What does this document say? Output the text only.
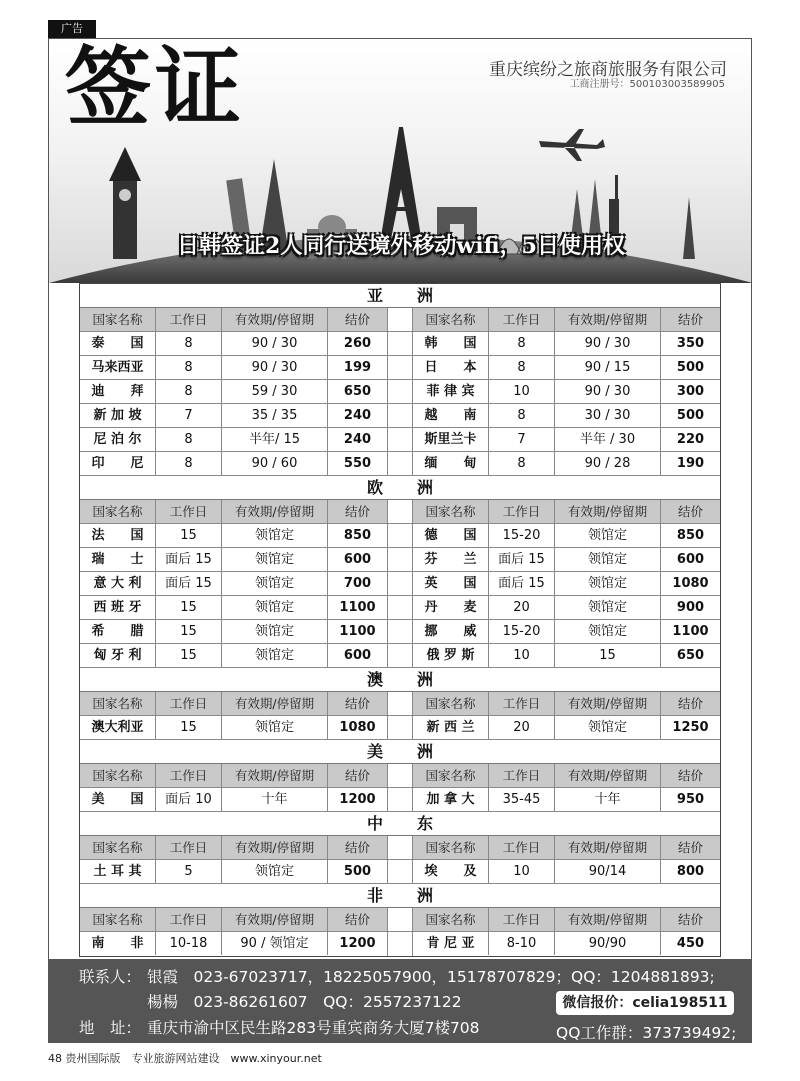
广告
签证	重庆缤纷之旅商旅服务有限公司
工商注册号：500103003589905
日韩签证2人同行送境外移动wifi，5日使用权
亚洲
国家名称	工作日	有效期/停留期	结价	国家名称	工作日	有效期/停留期	结价
泰　　国	8	90 / 30	260	韩　　国	8	90 / 30	350
马来西亚	8	90 / 30	199	日　　本	8	90 / 15	500
迪　　拜	8	59 / 30	650	菲 律 宾	10	90 / 30	300
新 加 坡	7	35 / 35	240	越　　南	8	30 / 30	500
尼 泊 尔	8	半年/ 15	240	斯里兰卡	7	半年 / 30	220
印　　尼	8	90 / 60	550	缅　　甸	8	90 / 28	190
欧洲
国家名称	工作日	有效期/停留期	结价	国家名称	工作日	有效期/停留期	结价
法　　国	15	领馆定	850	德　　国	15-20	领馆定	850
瑞　　士	面后 15	领馆定	600	芬　　兰	面后 15	领馆定	600
意 大 利	面后 15	领馆定	700	英　　国	面后 15	领馆定	1080
西 班 牙	15	领馆定	1100	丹　　麦	20	领馆定	900
希　　腊	15	领馆定	1100	挪　　威	15-20	领馆定	1100
匈 牙 利	15	领馆定	600	俄 罗 斯	10	15	650
澳洲
国家名称	工作日	有效期/停留期	结价	国家名称	工作日	有效期/停留期	结价
澳大利亚	15	领馆定	1080	新 西 兰	20	领馆定	1250
美洲
国家名称	工作日	有效期/停留期	结价	国家名称	工作日	有效期/停留期	结价
美　　国	面后 10	十年	1200	加 拿 大	35-45	十年	950
中东
国家名称	工作日	有效期/停留期	结价	国家名称	工作日	有效期/停留期	结价
土 耳 其	5	领馆定	500	埃　　及	10	90/14	800
非洲
国家名称	工作日	有效期/停留期	结价	国家名称	工作日	有效期/停留期	结价
南　　非	10-18	90 / 领馆定	1200	肯 尼 亚	8-10	90/90	450
联系人： 银霞　023-67023717，18225057900，15178707829；QQ：1204881893;
楊楊　023-86261607　QQ：2557237122
地　址： 重庆市渝中区民生路283号重宾商务大厦7楼708
微信报价：celia198511
QQ工作群：373739492;
48 贵州国际版　专业旅游网站建设　www.xinyour.net
